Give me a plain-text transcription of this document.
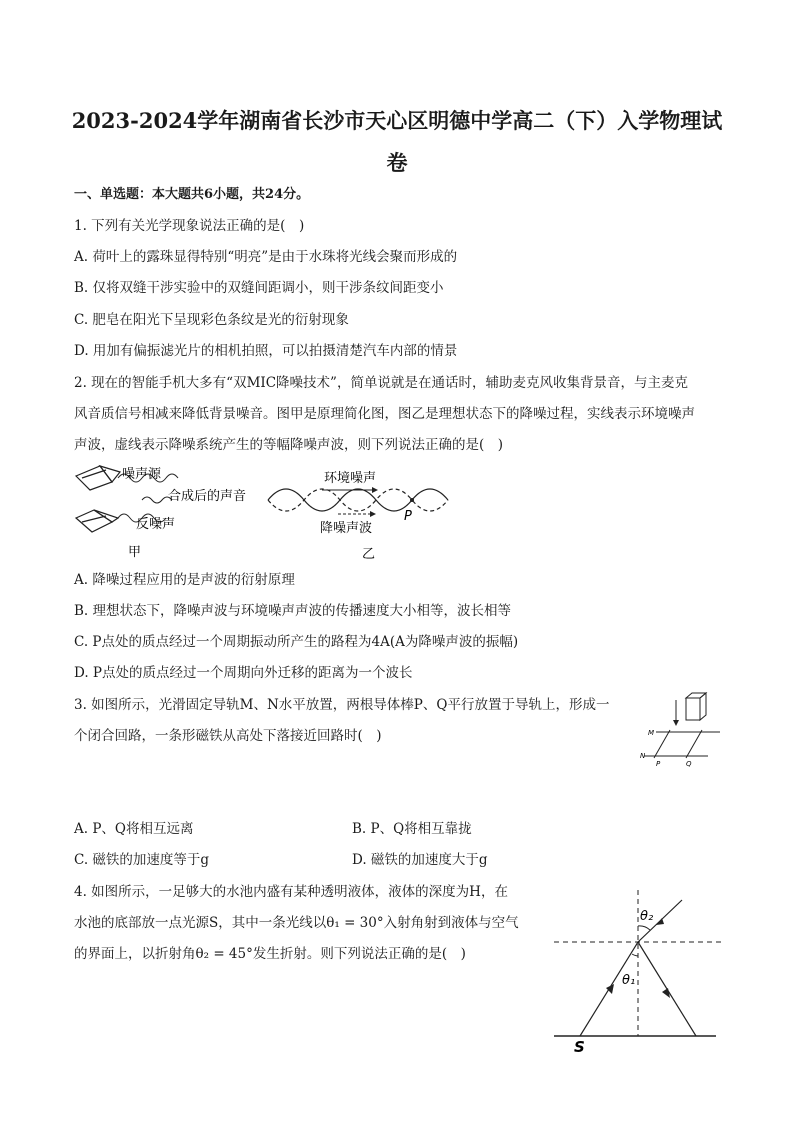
2023-2024学年湖南省长沙市天心区明德中学高二（下）入学物理试
卷
一、单选题：本大题共6小题，共24分。
1. 下列有关光学现象说法正确的是(　)
A. 荷叶上的露珠显得特别“明亮”是由于水珠将光线会聚而形成的
B. 仅将双缝干涉实验中的双缝间距调小，则干涉条纹间距变小
C. 肥皂在阳光下呈现彩色条纹是光的衍射现象
D. 用加有偏振滤光片的相机拍照，可以拍摄清楚汽车内部的情景
2. 现在的智能手机大多有“双MIC降噪技术”，简单说就是在通话时，辅助麦克风收集背景音，与主麦克
风音质信号相减来降低背景噪音。图甲是原理简化图，图乙是理想状态下的降噪过程，实线表示环境噪声
声波，虚线表示降噪系统产生的等幅降噪声波，则下列说法正确的是(　)
噪声源
合成后的声音
反噪声
甲
环境噪声
降噪声波
P
乙
A. 降噪过程应用的是声波的衍射原理
B. 理想状态下，降噪声波与环境噪声声波的传播速度大小相等，波长相等
C. P点处的质点经过一个周期振动所产生的路程为4A(A为降噪声波的振幅)
D. P点处的质点经过一个周期向外迁移的距离为一个波长
3. 如图所示，光滑固定导轨M、N水平放置，两根导体棒P、Q平行放置于导轨上，形成一
个闭合回路，一条形磁铁从高处下落接近回路时(　)	M
N
P	Q
A. P、Q将相互远离	B. P、Q将相互靠拢
C. 磁铁的加速度等于g	D. 磁铁的加速度大于g
4. 如图所示，一足够大的水池内盛有某种透明液体，液体的深度为H，在
水池的底部放一点光源S，其中一条光线以θ₁ = 30°入射角射到液体与空气
的界面上，以折射角θ₂ = 45°发生折射。则下列说法正确的是(　)
θ₂
θ₁
S
